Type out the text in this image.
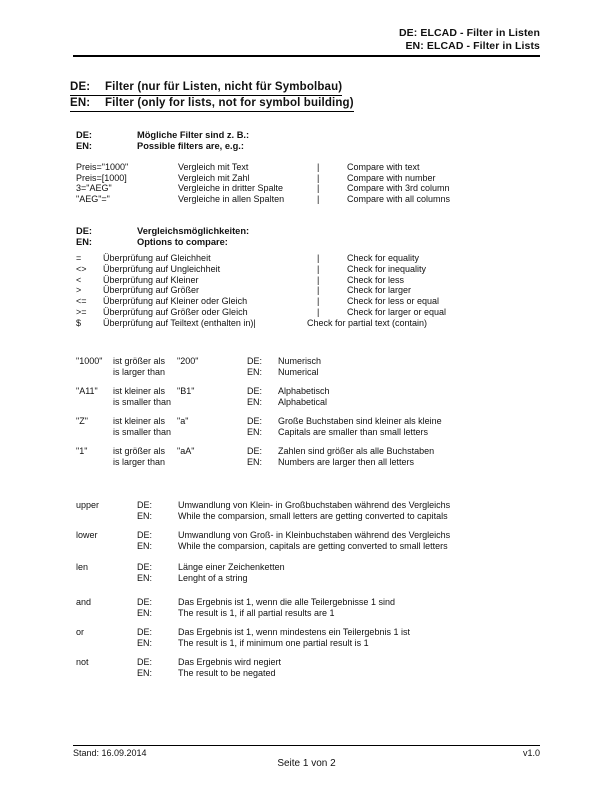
DE: ELCAD - Filter in Listen
EN: ELCAD - Filter in Lists
DE:	Filter (nur für Listen, nicht für Symbolbau)
EN:	Filter (only for lists, not for symbol building)
DE:	Mögliche Filter sind z. B.:
EN:	Possible filters are, e.g.:
Preis="1000"	Vergleich mit Text	|	Compare with text
Preis=[1000]	Vergleich mit Zahl	|	Compare with number
3="AEG"	Vergleiche in dritter Spalte	|	Compare with 3rd column
"AEG"="	Vergleiche in allen Spalten	|	Compare with all columns
DE:	Vergleichsmöglichkeiten:
EN:	Options to compare:
=	Überprüfung auf Gleichheit	|	Check for equality
<>	Überprüfung auf Ungleichheit	|	Check for inequality
<	Überprüfung auf Kleiner	|	Check for less
>	Überprüfung auf Größer	|	Check for larger
<=	Überprüfung auf Kleiner oder Gleich	|	Check for less or equal
>=	Überprüfung auf Größer oder Gleich	|	Check for larger or equal
$	Überprüfung auf Teiltext (enthalten in)|	Check for partial text (contain)
"1000"	ist größer als	"200"	DE:	Numerisch
is larger than	EN:	Numerical
"A11"	ist kleiner als	"B1"	DE:	Alphabetisch
is smaller than	EN:	Alphabetical
"Z"	ist kleiner als	"a"	DE:	Große Buchstaben sind kleiner als kleine
is smaller than	EN:	Capitals are smaller than small letters
"1"	ist größer als	"aA"	DE:	Zahlen sind größer als alle Buchstaben
is larger than	EN:	Numbers are larger then all letters
upper	DE:	Umwandlung von Klein- in Großbuchstaben während des Vergleichs
EN:	While the comparsion, small letters are getting converted to capitals
lower	DE:	Umwandlung von Groß- in Kleinbuchstaben während des Vergleichs
EN:	While the comparsion, capitals are getting converted to small letters
len	DE:	Länge einer Zeichenketten
EN:	Lenght of a string
and	DE:	Das Ergebnis ist 1, wenn die alle Teilergebnisse 1 sind
EN:	The result is 1, if all partial results are 1
or	DE:	Das Ergebnis ist 1, wenn mindestens ein Teilergebnis 1 ist
EN:	The result is 1, if minimum one partial result is 1
not	DE:	Das Ergebnis wird negiert
EN:	The result to be negated
Stand: 16.09.2014	v1.0
Seite 1 von 2
